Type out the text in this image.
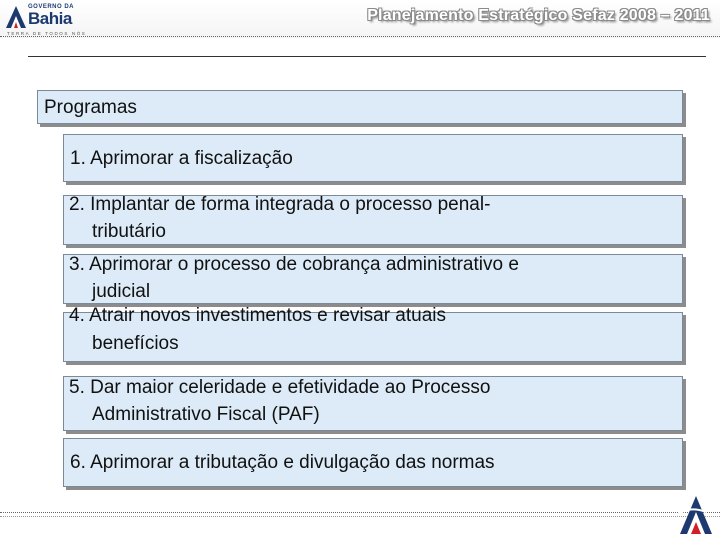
GOVERNO DA
Bahia
TERRA DE TODOS NÓS
Planejamento Estratégico Sefaz 2008 – 2011
Programas
1. Aprimorar a fiscalização
2. Implantar de forma integrada o processo penal-
tributário
3. Aprimorar o processo de cobrança administrativo e
judicial
4. Atrair novos investimentos e revisar atuais
benefícios
5. Dar maior celeridade e efetividade ao Processo
Administrativo Fiscal (PAF)
6. Aprimorar a tributação e divulgação das normas
